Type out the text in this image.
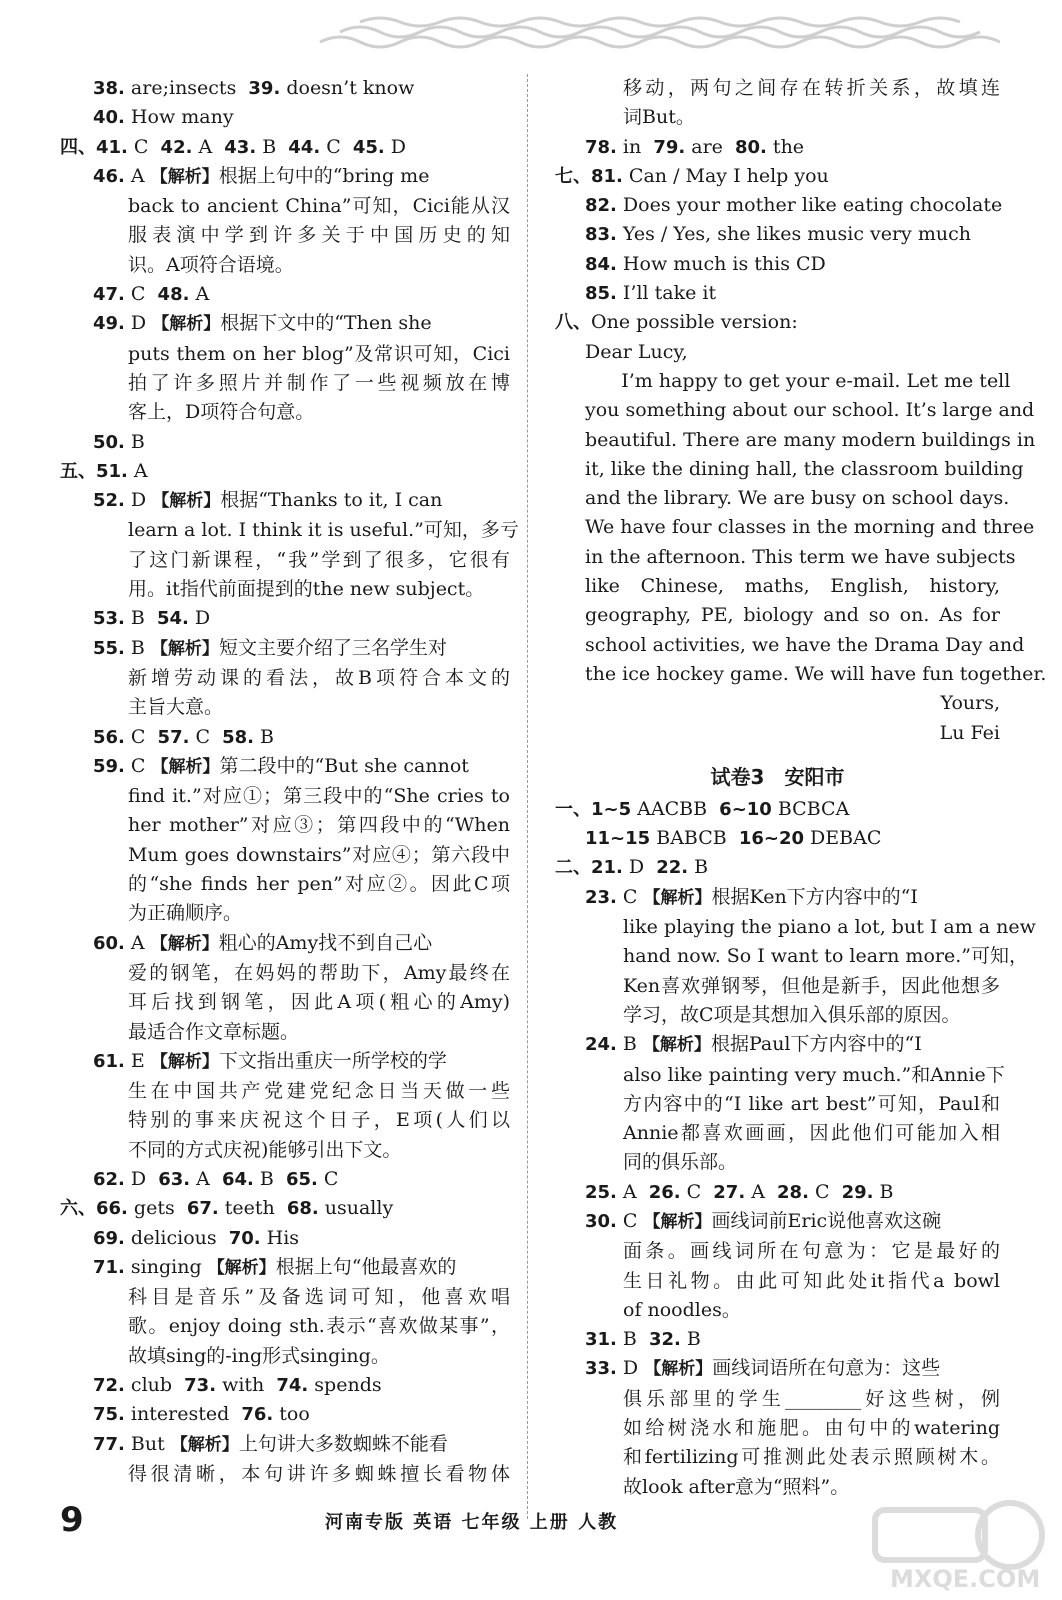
38. are;insects  39. doesn’t know
40. How many
四、41. C  42. A  43. B  44. C  45. D
46. A 【解析】根据上句中的“bring me
back to ancient China”可知，Cici能从汉
服表演中学到许多关于中国历史的知
识。A项符合语境。
47. C  48. A
49. D 【解析】根据下文中的“Then she
puts them on her blog”及常识可知，Cici
拍了许多照片并制作了一些视频放在博
客上，D项符合句意。
50. B
五、51. A
52. D 【解析】根据“Thanks to it, I can
learn a lot. I think it is useful.”可知，多亏
了这门新课程，“我”学到了很多，它很有
用。it指代前面提到的the new subject。
53. B  54. D
55. B 【解析】短文主要介绍了三名学生对
新增劳动课的看法，故B项符合本文的
主旨大意。
56. C  57. C  58. B
59. C 【解析】第二段中的“But she cannot
find it.”对应①；第三段中的“She cries to
her mother”对应③；第四段中的“When
Mum goes downstairs”对应④；第六段中
的“she finds her pen”对应②。因此C项
为正确顺序。
60. A 【解析】粗心的Amy找不到自己心
爱的钢笔，在妈妈的帮助下，Amy最终在
耳后找到钢笔，因此A项(粗心的Amy)
最适合作文章标题。
61. E 【解析】下文指出重庆一所学校的学
生在中国共产党建党纪念日当天做一些
特别的事来庆祝这个日子，E项(人们以
不同的方式庆祝)能够引出下文。
62. D  63. A  64. B  65. C
六、66. gets  67. teeth  68. usually
69. delicious  70. His
71. singing 【解析】根据上句“他最喜欢的
科目是音乐”及备选词可知，他喜欢唱
歌。enjoy doing sth.表示“喜欢做某事”，
故填sing的-ing形式singing。
72. club  73. with  74. spends
75. interested  76. too
77. But 【解析】上句讲大多数蜘蛛不能看
得很清晰，本句讲许多蜘蛛擅长看物体
移动，两句之间存在转折关系，故填连
词But。
78. in  79. are  80. the
七、81. Can / May I help you
82. Does your mother like eating chocolate
83. Yes / Yes, she likes music very much
84. How much is this CD
85. I’ll take it
八、One possible version:
Dear Lucy,
I’m happy to get your e-mail. Let me tell
you something about our school. It’s large and
beautiful. There are many modern buildings in
it, like the dining hall, the classroom building
and the library. We are busy on school days.
We have four classes in the morning and three
in the afternoon. This term we have subjects
like Chinese, maths, English, history,
geography, PE, biology and so on. As for
school activities, we have the Drama Day and
the ice hockey game. We will have fun together.
Yours,
Lu Fei
试卷3　安阳市
一、1~5 AACBB  6~10 BCBCA
11~15 BABCB  16~20 DEBAC
二、21. D  22. B
23. C 【解析】根据Ken下方内容中的“I
like playing the piano a lot, but I am a new
hand now. So I want to learn more.”可知，
Ken喜欢弹钢琴，但他是新手，因此他想多
学习，故C项是其想加入俱乐部的原因。
24. B 【解析】根据Paul下方内容中的“I
also like painting very much.”和Annie下
方内容中的“I like art best”可知，Paul和
Annie都喜欢画画，因此他们可能加入相
同的俱乐部。
25. A  26. C  27. A  28. C  29. B
30. C 【解析】画线词前Eric说他喜欢这碗
面条。画线词所在句意为：它是最好的
生日礼物。由此可知此处it指代a bowl
of noodles。
31. B  32. B
33. D 【解析】画线词语所在句意为：这些
俱乐部里的学生________好这些树，例
如给树浇水和施肥。由句中的watering
和fertilizing可推测此处表示照顾树木。
故look after意为“照料”。
9	河南专版 英语 七年级 上册 人教
MXQE.COM
